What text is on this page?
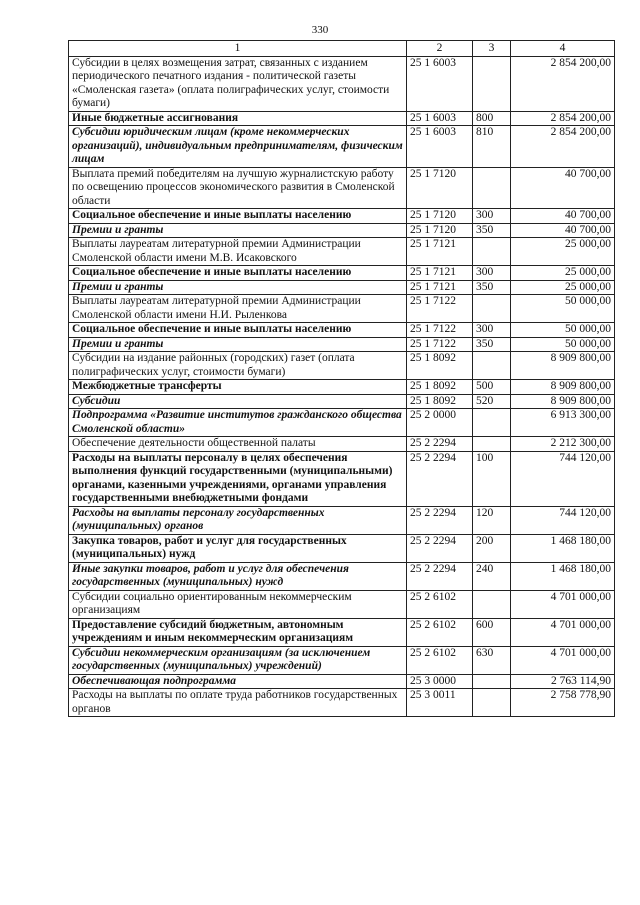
330
1	2	3	4
Субсидии в целях возмещения затрат, связанных с изданием периодического печатного издания - политической газеты «Смоленская газета» (оплата полиграфических услуг, стоимости бумаги)	25 1 6003		2 854 200,00
Иные бюджетные ассигнования	25 1 6003	800	2 854 200,00
Субсидии юридическим лицам (кроме некоммерческих организаций), индивидуальным предпринимателям, физическим лицам	25 1 6003	810	2 854 200,00
Выплата премий победителям на лучшую журналистскую работу по освещению процессов экономического развития в Смоленской области	25 1 7120		40 700,00
Социальное обеспечение и иные выплаты населению	25 1 7120	300	40 700,00
Премии и гранты	25 1 7120	350	40 700,00
Выплаты лауреатам литературной премии Администрации Смоленской области имени М.В. Исаковского	25 1 7121		25 000,00
Социальное обеспечение и иные выплаты населению	25 1 7121	300	25 000,00
Премии и гранты	25 1 7121	350	25 000,00
Выплаты лауреатам литературной премии Администрации Смоленской области имени Н.И. Рыленкова	25 1 7122		50 000,00
Социальное обеспечение и иные выплаты населению	25 1 7122	300	50 000,00
Премии и гранты	25 1 7122	350	50 000,00
Субсидии на издание районных (городских) газет (оплата полиграфических услуг, стоимости бумаги)	25 1 8092		8 909 800,00
Межбюджетные трансферты	25 1 8092	500	8 909 800,00
Субсидии	25 1 8092	520	8 909 800,00
Подпрограмма «Развитие институтов гражданского общества Смоленской области»	25 2 0000		6 913 300,00
Обеспечение деятельности общественной палаты	25 2 2294		2 212 300,00
Расходы на выплаты персоналу в целях обеспечения выполнения функций государственными (муниципальными) органами, казенными учреждениями, органами управления государственными внебюджетными фондами	25 2 2294	100	744 120,00
Расходы на выплаты персоналу государственных (муниципальных) органов	25 2 2294	120	744 120,00
Закупка товаров, работ и услуг для государственных (муниципальных) нужд	25 2 2294	200	1 468 180,00
Иные закупки товаров, работ и услуг для обеспечения государственных (муниципальных) нужд	25 2 2294	240	1 468 180,00
Субсидии социально ориентированным некоммерческим организациям	25 2 6102		4 701 000,00
Предоставление субсидий бюджетным, автономным учреждениям и иным некоммерческим организациям	25 2 6102	600	4 701 000,00
Субсидии некоммерческим организациям (за исключением государственных (муниципальных) учреждений)	25 2 6102	630	4 701 000,00
Обеспечивающая подпрограмма	25 3 0000		2 763 114,90
Расходы на выплаты по оплате труда работников государственных органов	25 3 0011		2 758 778,90
